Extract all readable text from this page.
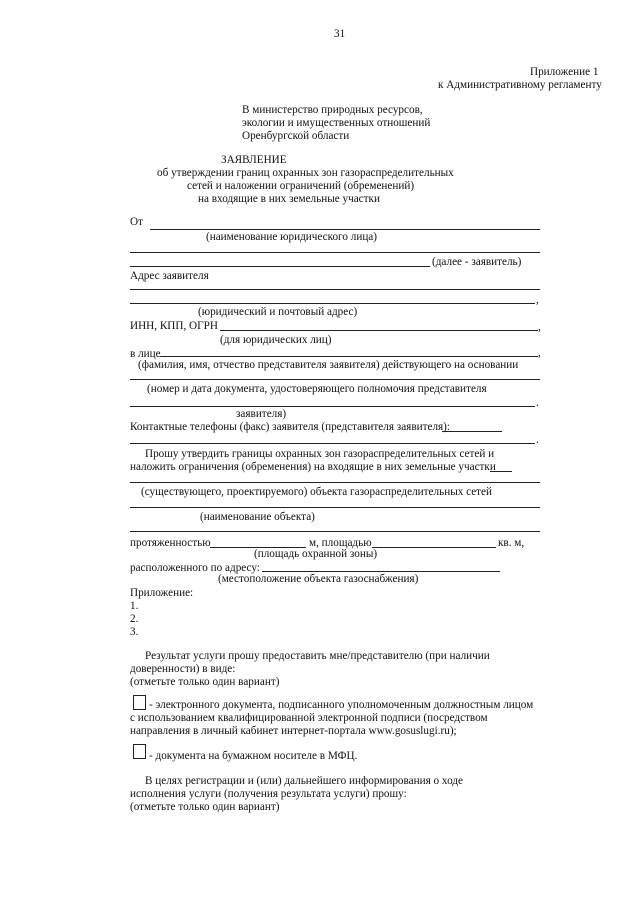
31
Приложение 1
к Административному регламенту
В министерство природных ресурсов,
экологии и имущественных отношений
Оренбургской области
ЗАЯВЛЕНИЕ
об утверждении границ охранных зон газораспределительных
сетей и наложении ограничений (обременений)
на входящие в них земельные участки
От
(наименование юридического лица)
(далее - заявитель)
Адрес заявителя
,
(юридический и почтовый адрес)
ИНН, КПП, ОГРН	,
(для юридических лиц)
в лице	,
(фамилия, имя, отчество представителя заявителя) действующего на основании
(номер и дата документа, удостоверяющего полномочия представителя
.
заявителя)
Контактные телефоны (факс) заявителя (представителя заявителя):
.
Прошу утвердить границы охранных зон газораспределительных сетей и
наложить ограничения (обременения) на входящие в них земельные участки
(существующего, проектируемого) объекта газораспределительных сетей
(наименование объекта)
протяженностью	м, площадью	кв. м,
(площадь охранной зоны)
расположенного по адресу:
(местоположение объекта газоснабжения)
Приложение:
1.
2.
3.
Результат услуги прошу предоставить мне/представителю (при наличии
доверенности) в виде:
(отметьте только один вариант)
- электронного документа, подписанного уполномоченным должностным лицом
с использованием квалифицированной электронной подписи (посредством
направления в личный кабинет интернет-портала www.gosuslugi.ru);
- документа на бумажном носителе в МФЦ.
В целях регистрации и (или) дальнейшего информирования о ходе
исполнения услуги (получения результата услуги) прошу:
(отметьте только один вариант)
